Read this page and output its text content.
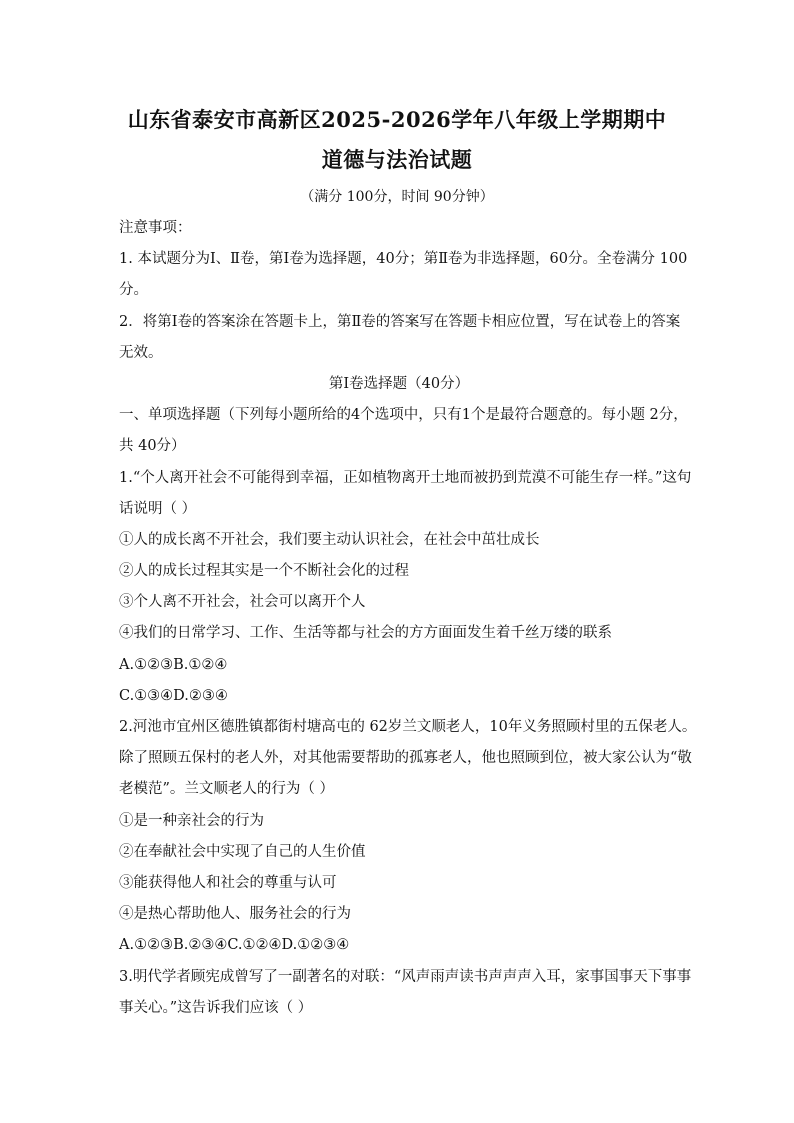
山东省泰安市高新区2025-2026学年八年级上学期期中
道德与法治试题
（满分 100分，时间 90分钟）
注意事项：
1. 本试题分为Ⅰ、Ⅱ卷，第Ⅰ卷为选择题，40分；第Ⅱ卷为非选择题，60分。全卷满分 100
分。
2．将第Ⅰ卷的答案涂在答题卡上，第Ⅱ卷的答案写在答题卡相应位置，写在试卷上的答案
无效。
第Ⅰ卷选择题（40分）
一、单项选择题（下列每小题所给的4个选项中，只有1个是最符合题意的。每小题 2分，
共 40分）
1.“个人离开社会不可能得到幸福，正如植物离开土地而被扔到荒漠不可能生存一样。”这句
话说明（ ）
①人的成长离不开社会，我们要主动认识社会，在社会中茁壮成长
②人的成长过程其实是一个不断社会化的过程
③个人离不开社会，社会可以离开个人
④我们的日常学习、工作、生活等都与社会的方方面面发生着千丝万缕的联系
A.①②③B.①②④
C.①③④D.②③④
2.河池市宜州区德胜镇都街村塘高屯的 62岁兰文顺老人，10年义务照顾村里的五保老人。
除了照顾五保村的老人外，对其他需要帮助的孤寡老人，他也照顾到位，被大家公认为“敬
老模范”。兰文顺老人的行为（ ）
①是一种亲社会的行为
②在奉献社会中实现了自己的人生价值
③能获得他人和社会的尊重与认可
④是热心帮助他人、服务社会的行为
A.①②③B.②③④C.①②④D.①②③④
3.明代学者顾宪成曾写了一副著名的对联：“风声雨声读书声声声入耳，家事国事天下事事
事关心。”这告诉我们应该（ ）
